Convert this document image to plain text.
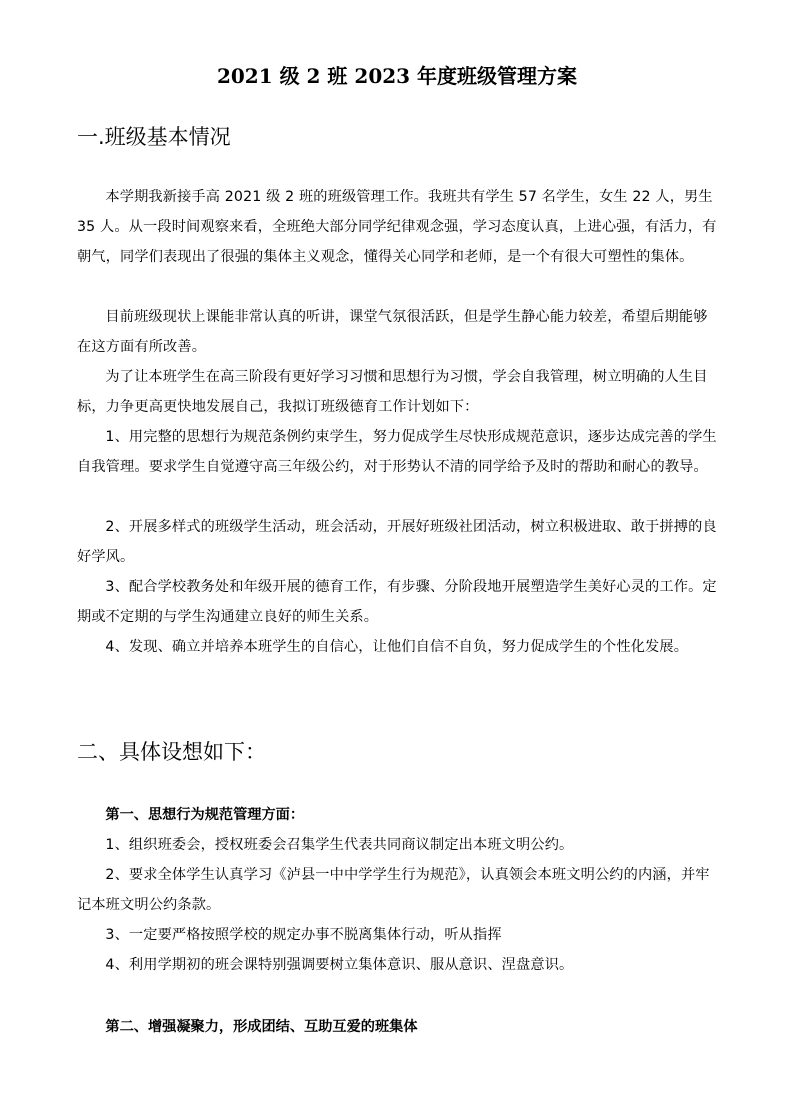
2021 级 2 班 2023 年度班级管理方案
一.班级基本情况

本学期我新接手高 2021 级 2 班的班级管理工作。我班共有学生 57 名学生，女生 22 人，男生 35 人。从一段时间观察来看，全班绝大部分同学纪律观念强，学习态度认真，上进心强，有活力，有朝气，同学们表现出了很强的集体主义观念，懂得关心同学和老师，是一个有很大可塑性的集体。

目前班级现状上课能非常认真的听讲，课堂气氛很活跃，但是学生静心能力较差，希望后期能够在这方面有所改善。

为了让本班学生在高三阶段有更好学习习惯和思想行为习惯，学会自我管理，树立明确的人生目标，力争更高更快地发展自己，我拟订班级德育工作计划如下：

1、用完整的思想行为规范条例约束学生，努力促成学生尽快形成规范意识，逐步达成完善的学生自我管理。要求学生自觉遵守高三年级公约，对于形势认不清的同学给予及时的帮助和耐心的教导。

2、开展多样式的班级学生活动，班会活动，开展好班级社团活动，树立积极进取、敢于拼搏的良好学风。

3、配合学校教务处和年级开展的德育工作，有步骤、分阶段地开展塑造学生美好心灵的工作。定期或不定期的与学生沟通建立良好的师生关系。

4、发现、确立并培养本班学生的自信心，让他们自信不自负，努力促成学生的个性化发展。

二、具体设想如下：

第一、思想行为规范管理方面：

1、组织班委会，授权班委会召集学生代表共同商议制定出本班文明公约。

2、要求全体学生认真学习《泸县一中中学学生行为规范》，认真领会本班文明公约的内涵，并牢记本班文明公约条款。

3、一定要严格按照学校的规定办事不脱离集体行动，听从指挥

4、利用学期初的班会课特别强调要树立集体意识、服从意识、涅盘意识。

第二、增强凝聚力，形成团结、互助互爱的班集体
